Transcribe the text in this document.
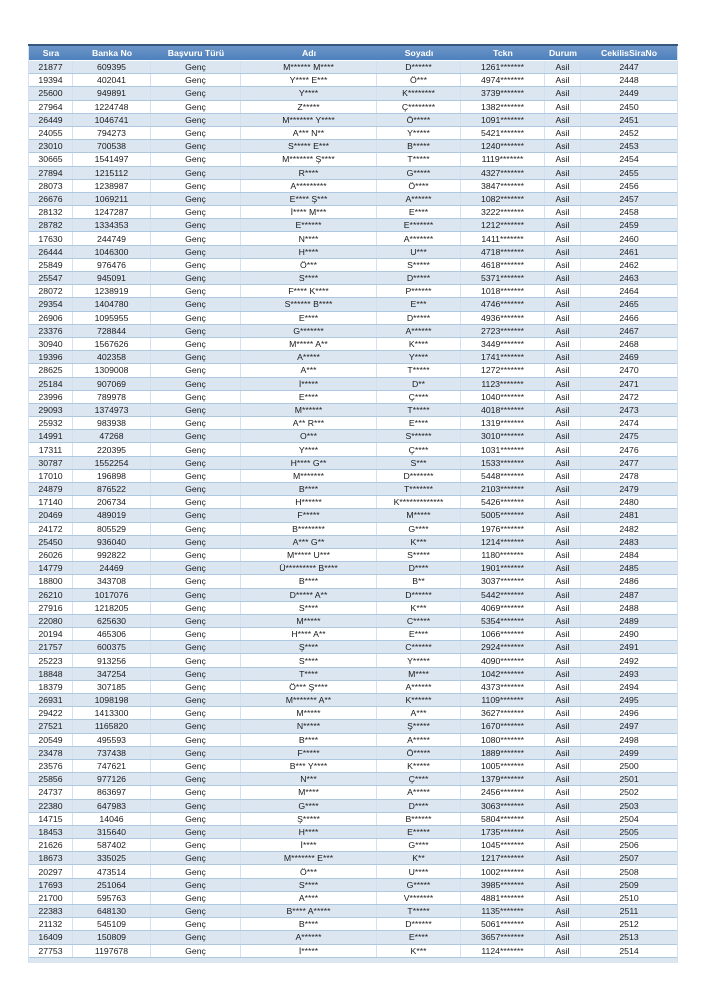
Sıra	Banka No	Başvuru Türü	Adı	Soyadı	Tckn	Durum	CekilisSiraNo
21877	609395	Genç	M****** M****	D******	1261*******	Asil	2447
19394	402041	Genç	Y**** E***	Ö***	4974*******	Asil	2448
25600	949891	Genç	Y****	K********	3739*******	Asil	2449
27964	1224748	Genç	Z*****	Ç********	1382*******	Asil	2450
26449	1046741	Genç	M******* Y****	Ö*****	1091*******	Asil	2451
24055	794273	Genç	A*** N**	Y*****	5421*******	Asil	2452
23010	700538	Genç	S***** E***	B*****	1240*******	Asil	2453
30665	1541497	Genç	M******* Ş****	T*****	1119*******	Asil	2454
27894	1215112	Genç	R****	G*****	4327*******	Asil	2455
28073	1238987	Genç	A*********	Ö****	3847*******	Asil	2456
26676	1069211	Genç	E**** Ş***	A******	1082*******	Asil	2457
28132	1247287	Genç	İ**** M***	E****	3222*******	Asil	2458
28782	1334353	Genç	E******	E*******	1212*******	Asil	2459
17630	244749	Genç	N****	A*******	1411*******	Asil	2460
26444	1046300	Genç	H****	U***	4718*******	Asil	2461
25849	976476	Genç	Ö***	S*****	4618*******	Asil	2462
25547	945091	Genç	S****	D*****	5371*******	Asil	2463
28072	1238919	Genç	F**** K****	P******	1018*******	Asil	2464
29354	1404780	Genç	S****** B****	E***	4746*******	Asil	2465
26906	1095955	Genç	E****	D*****	4936*******	Asil	2466
23376	728844	Genç	G*******	A******	2723*******	Asil	2467
30940	1567626	Genç	M***** A**	K****	3449*******	Asil	2468
19396	402358	Genç	A*****	Y****	1741*******	Asil	2469
28625	1309008	Genç	A***	T*****	1272*******	Asil	2470
25184	907069	Genç	İ*****	D**	1123*******	Asil	2471
23996	789978	Genç	E****	Ç****	1040*******	Asil	2472
29093	1374973	Genç	M******	T*****	4018*******	Asil	2473
25932	983938	Genç	A** R***	E****	1319*******	Asil	2474
14991	47268	Genç	O***	S******	3010*******	Asil	2475
17311	220395	Genç	Y****	Ç****	1031*******	Asil	2476
30787	1552254	Genç	H**** G**	S***	1533*******	Asil	2477
17010	196898	Genç	M*******	D*******	5448*******	Asil	2478
24879	876522	Genç	B****	T*******	2103*******	Asil	2479
17140	206734	Genç	H******	K*************	5426*******	Asil	2480
20469	489019	Genç	F*****	M*****	5005*******	Asil	2481
24172	805529	Genç	B********	G****	1976*******	Asil	2482
25450	936040	Genç	A*** G**	K***	1214*******	Asil	2483
26026	992822	Genç	M***** U***	S*****	1180*******	Asil	2484
14779	24469	Genç	Ü********* B****	D****	1901*******	Asil	2485
18800	343708	Genç	B****	B**	3037*******	Asil	2486
26210	1017076	Genç	D***** A**	D******	5442*******	Asil	2487
27916	1218205	Genç	S****	K***	4069*******	Asil	2488
22080	625630	Genç	M*****	C*****	5354*******	Asil	2489
20194	465306	Genç	H**** A**	E****	1066*******	Asil	2490
21757	600375	Genç	Ş****	C******	2924*******	Asil	2491
25223	913256	Genç	S****	Y*****	4090*******	Asil	2492
18848	347254	Genç	T****	M****	1042*******	Asil	2493
18379	307185	Genç	Ö*** Ş****	A******	4373*******	Asil	2494
26931	1098198	Genç	M******* A**	K******	1109*******	Asil	2495
29422	1413300	Genç	M*****	A***	3627*******	Asil	2496
27521	1165820	Genç	N*****	Ş*****	1670*******	Asil	2497
20549	495593	Genç	B****	A*****	1080*******	Asil	2498
23478	737438	Genç	F*****	Ö*****	1889*******	Asil	2499
23576	747621	Genç	B*** Y****	K*****	1005*******	Asil	2500
25856	977126	Genç	N***	Ç****	1379*******	Asil	2501
24737	863697	Genç	M****	A*****	2456*******	Asil	2502
22380	647983	Genç	G****	D****	3063*******	Asil	2503
14715	14046	Genç	Ş*****	B******	5804*******	Asil	2504
18453	315640	Genç	H****	E*****	1735*******	Asil	2505
21626	587402	Genç	İ****	G****	1045*******	Asil	2506
18673	335025	Genç	M******* E***	K**	1217*******	Asil	2507
20297	473514	Genç	Ö***	U****	1002*******	Asil	2508
17693	251064	Genç	S****	G*****	3985*******	Asil	2509
21700	595763	Genç	A****	V*******	4881*******	Asil	2510
22383	648130	Genç	B**** A*****	T*****	1135*******	Asil	2511
21132	545109	Genç	B****	D******	5061*******	Asil	2512
16409	150809	Genç	A******	E****	3657*******	Asil	2513
27753	1197678	Genç	İ*****	K***	1124*******	Asil	2514
